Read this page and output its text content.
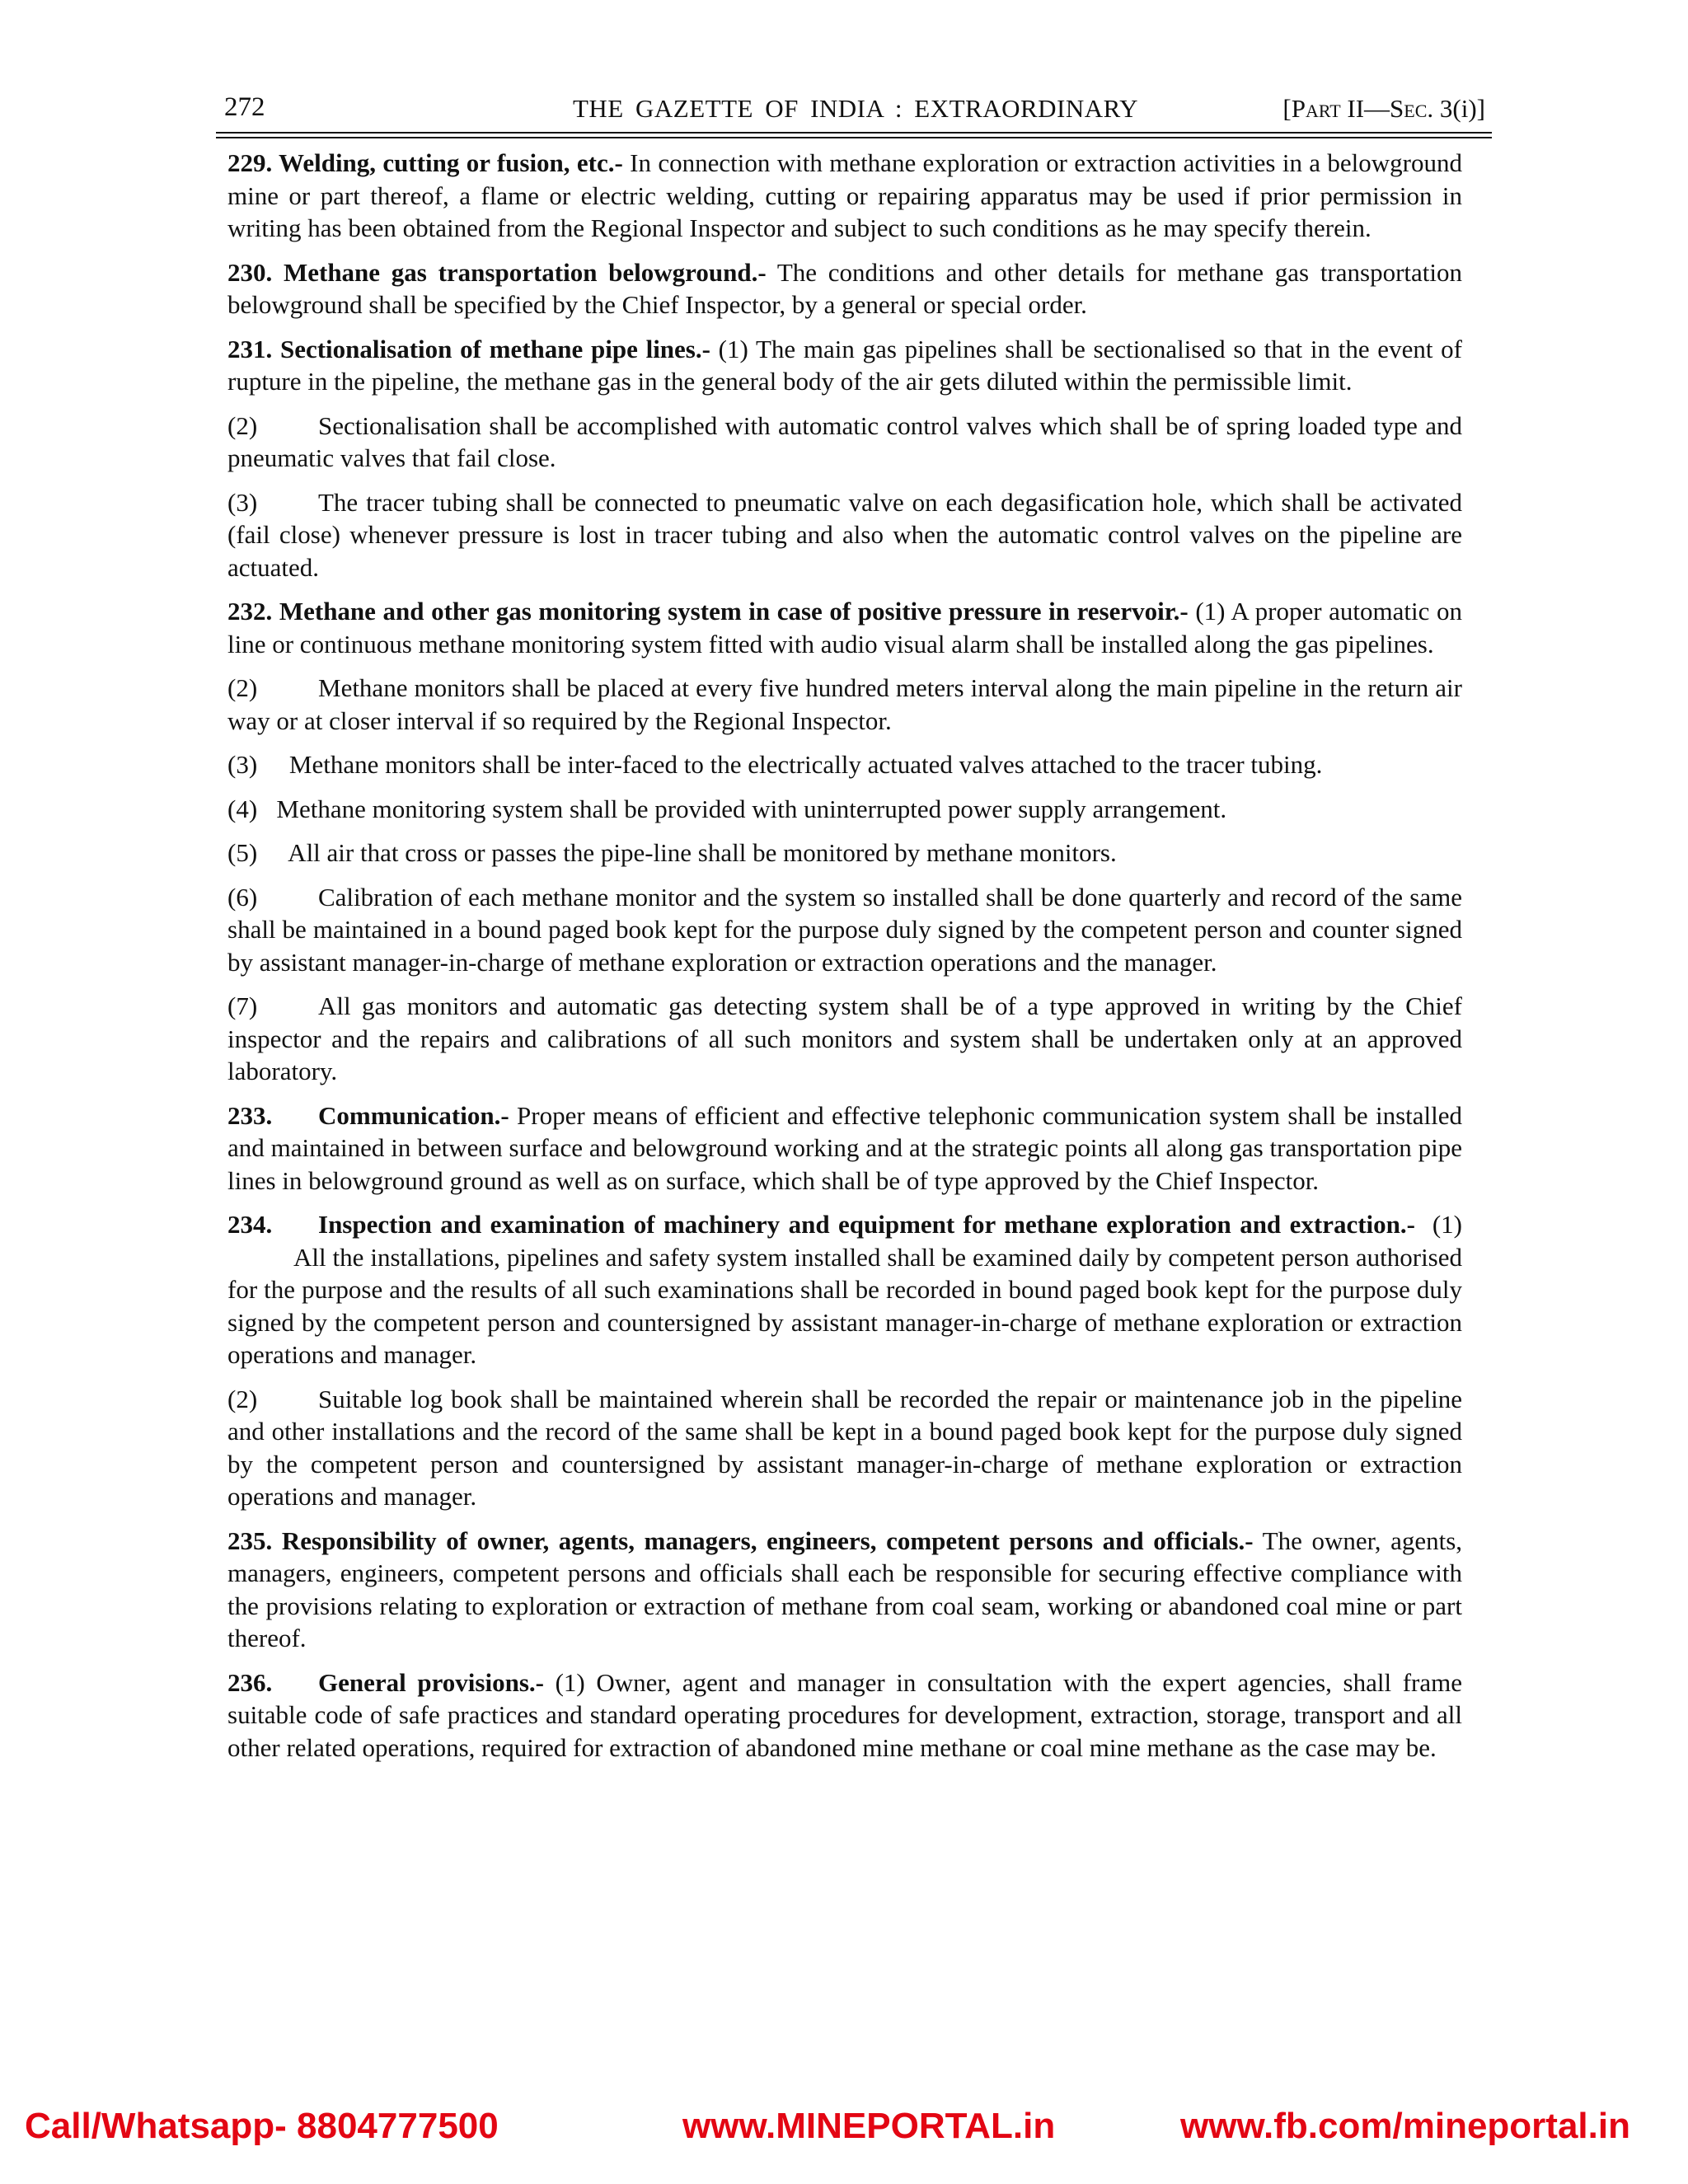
272	THE GAZETTE OF INDIA : EXTRAORDINARY	[Part II—Sec. 3(i)]

229. Welding, cutting or fusion, etc.- In connection with methane exploration or extraction activities in a belowground mine or part thereof, a flame or electric welding, cutting or repairing apparatus may be used if prior permission in writing has been obtained from the Regional Inspector and subject to such conditions as he may specify therein.

230. Methane gas transportation belowground.- The conditions and other details for methane gas transportation belowground shall be specified by the Chief Inspector, by a general or special order.

231. Sectionalisation of methane pipe lines.- (1) The main gas pipelines shall be sectionalised so that in the event of rupture in the pipeline, the methane gas in the general body of the air gets diluted within the permissible limit.

(2) Sectionalisation shall be accomplished with automatic control valves which shall be of spring loaded type and pneumatic valves that fail close.

(3) The tracer tubing shall be connected to pneumatic valve on each degasification hole, which shall be activated (fail close) whenever pressure is lost in tracer tubing and also when the automatic control valves on the pipeline are actuated.

232. Methane and other gas monitoring system in case of positive pressure in reservoir.- (1) A proper automatic on line or continuous methane monitoring system fitted with audio visual alarm shall be installed along the gas pipelines.

(2) Methane monitors shall be placed at every five hundred meters interval along the main pipeline in the return air way or at closer interval if so required by the Regional Inspector.

(3)     Methane monitors shall be inter-faced to the electrically actuated valves attached to the tracer tubing.

(4)   Methane monitoring system shall be provided with uninterrupted power supply arrangement.

(5)     All air that cross or passes the pipe-line shall be monitored by methane monitors.

(6) Calibration of each methane monitor and the system so installed shall be done quarterly and record of the same shall be maintained in a bound paged book kept for the purpose duly signed by the competent person and counter signed by assistant manager-in-charge of methane exploration or extraction operations and the manager.

(7) All gas monitors and automatic gas detecting system shall be of a type approved in writing by the Chief inspector and the repairs and calibrations of all such monitors and system shall be undertaken only at an approved laboratory.

233. Communication.- Proper means of efficient and effective telephonic communication system shall be installed and maintained in between surface and belowground working and at the strategic points all along gas transportation pipe lines in belowground ground as well as on surface, which shall be of type approved by the Chief Inspector.

234. Inspection and examination of machinery and equipment for methane exploration and extraction.-  (1)All the installations, pipelines and safety system installed shall be examined daily by competent person authorised for the purpose and the results of all such examinations shall be recorded in bound paged book kept for the purpose duly signed by the competent person and countersigned by assistant manager-in-charge of methane exploration or extraction operations and manager.

(2) Suitable log book shall be maintained wherein shall be recorded the repair or maintenance job in the pipeline and other installations and the record of the same shall be kept in a bound paged book kept for the purpose duly signed by the competent person and countersigned by assistant manager-in-charge of methane exploration or extraction operations and manager.

235. Responsibility of owner, agents, managers, engineers, competent persons and officials.- The owner, agents, managers, engineers, competent persons and officials shall each be responsible for securing effective compliance with the provisions relating to exploration or extraction of methane from coal seam, working or abandoned coal mine or part thereof.

236. General provisions.- (1) Owner, agent and manager in consultation with the expert agencies, shall frame suitable code of safe practices and standard operating procedures for development, extraction, storage, transport and all other related operations, required for extraction of abandoned mine methane or coal mine methane as the case may be.

Call/Whatsapp- 8804777500	www.MINEPORTAL.in	www.fb.com/mineportal.in
